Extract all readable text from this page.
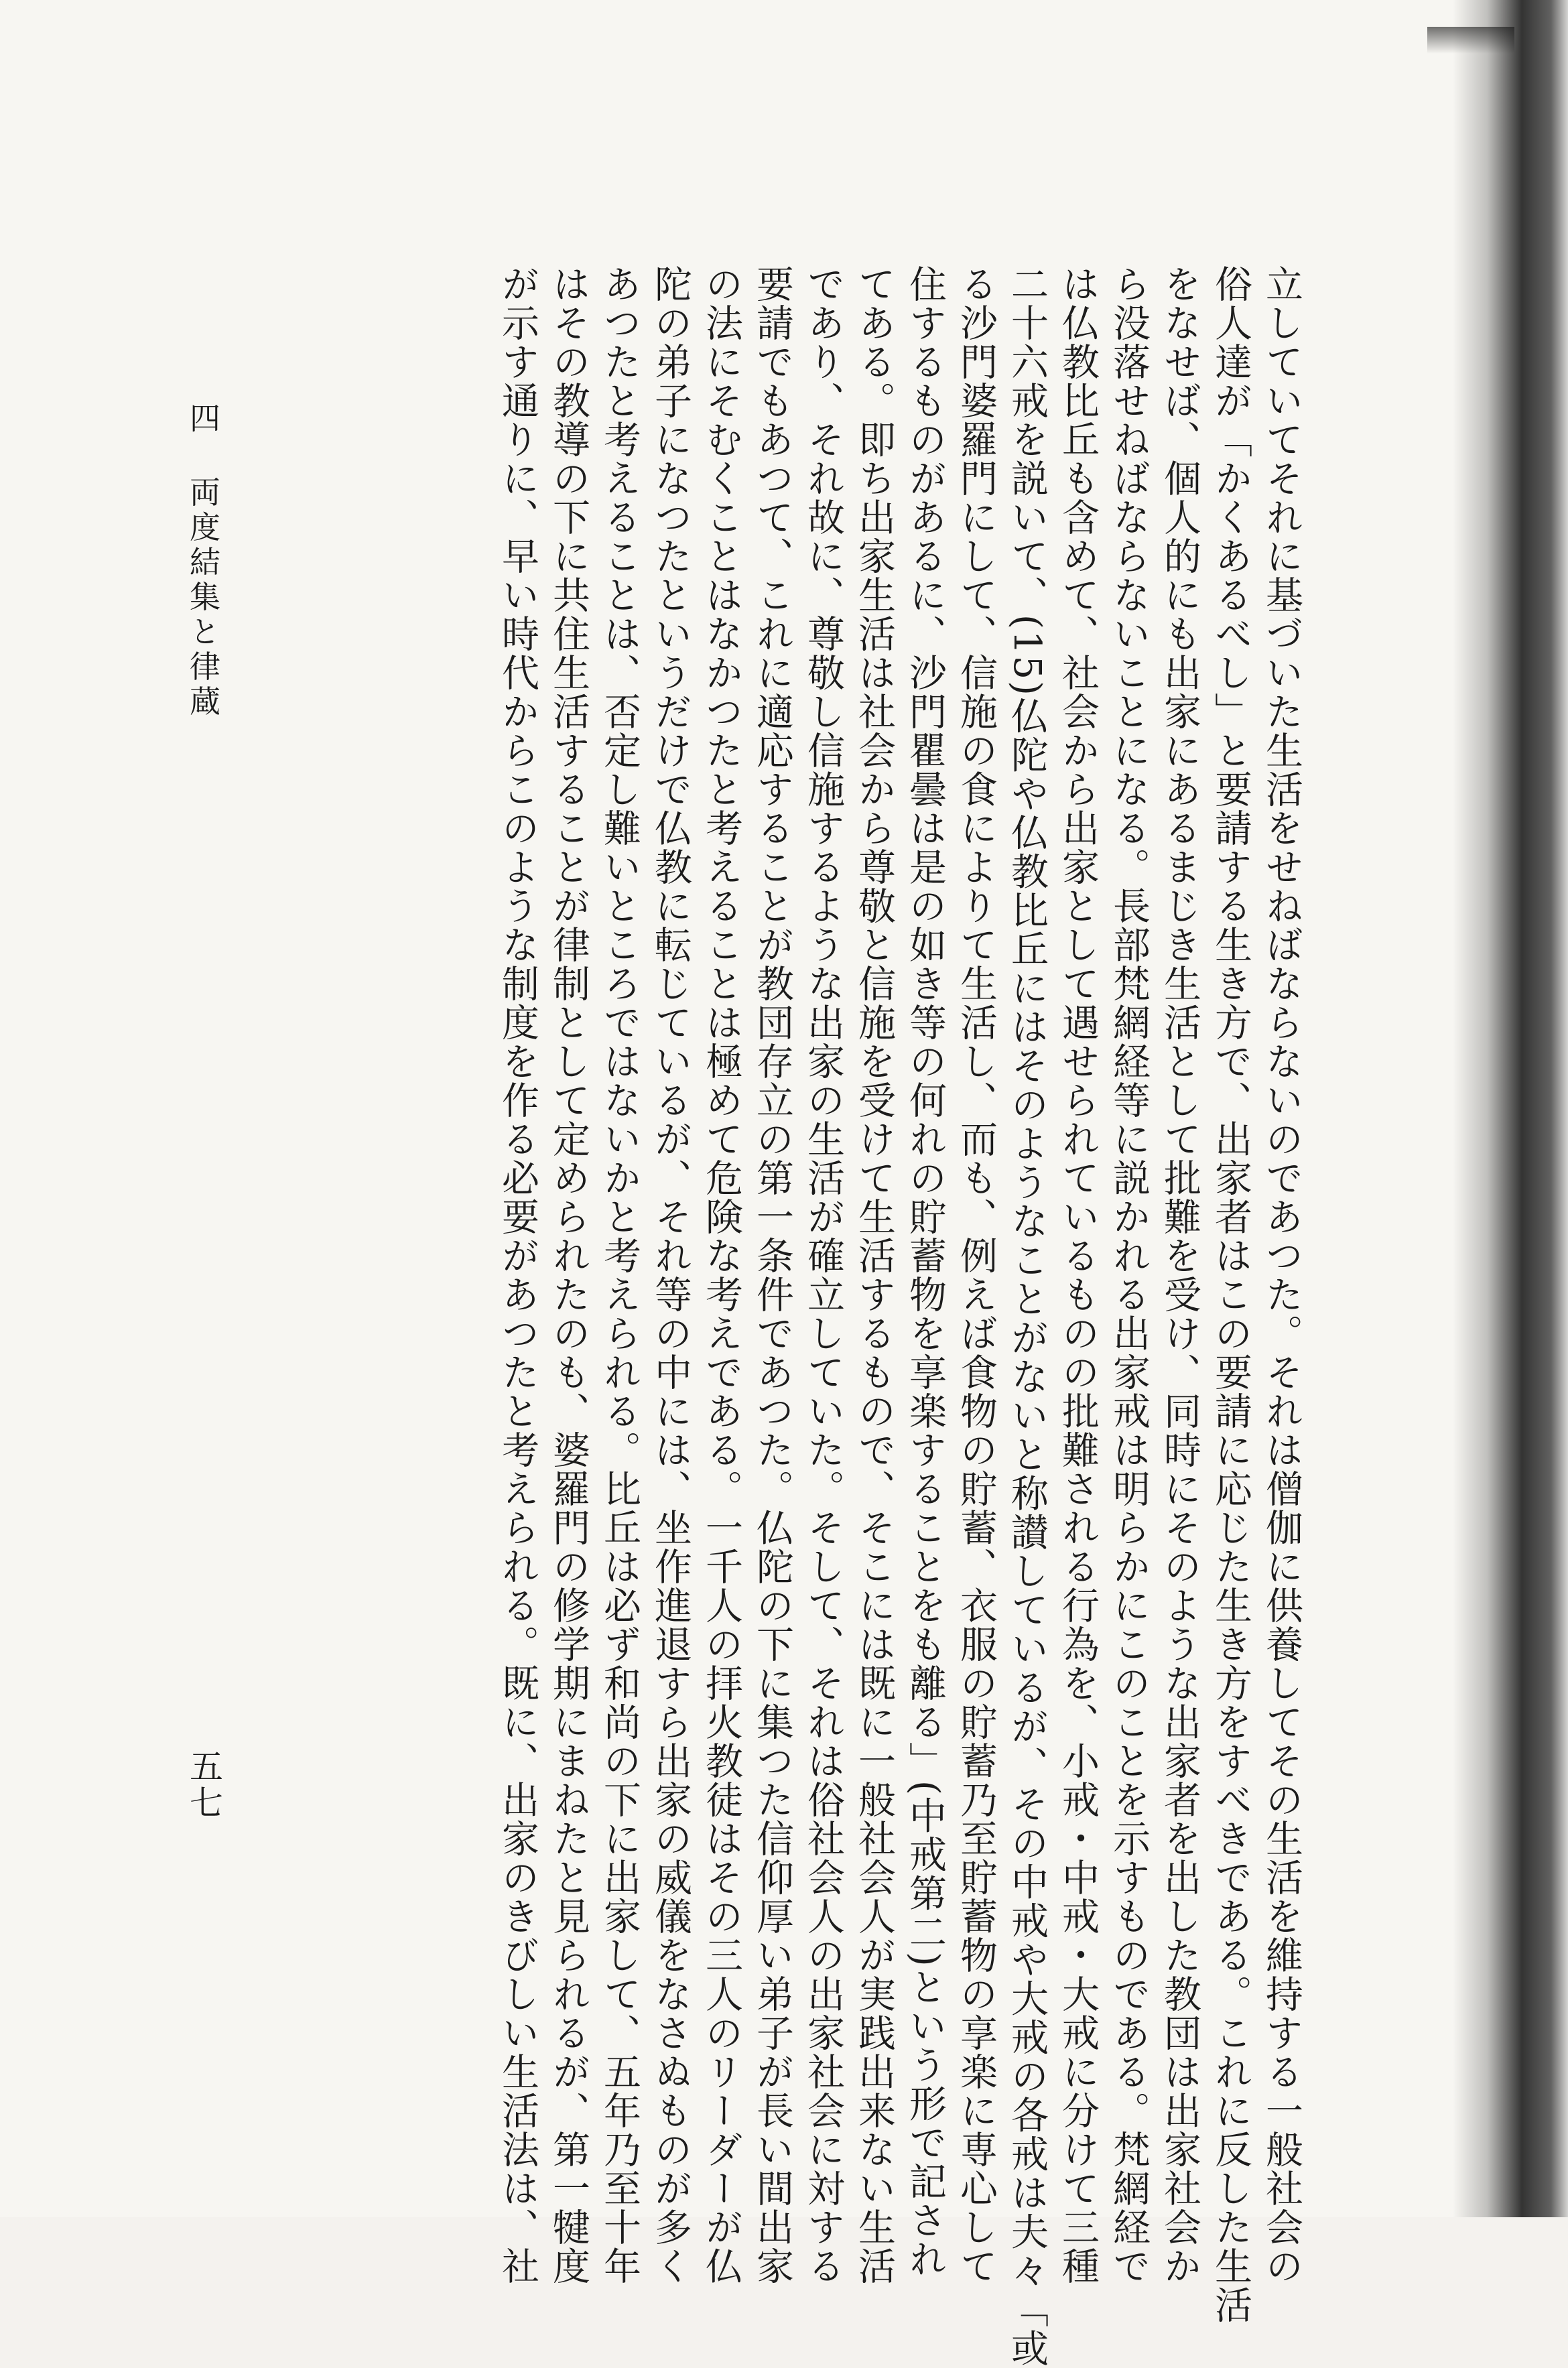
立していてそれに基づいた生活をせねばならないのであつた。それは僧伽に供養してその生活を維持する一般社会の
俗人達が「かくあるべし」と要請する生き方で、出家者はこの要請に応じた生き方をすべきである。これに反した生活
をなせば、個人的にも出家にあるまじき生活として批難を受け、同時にそのような出家者を出した教団は出家社会か
ら没落せねばならないことになる。長部梵網経等に説かれる出家戒は明らかにこのことを示すものである。梵網経で
は仏教比丘も含めて、社会から出家として遇せられているものの批難される行為を、小戒・中戒・大戒に分けて三種
二十六戒を説いて、(15)仏陀や仏教比丘にはそのようなことがないと称讃しているが、その中戒や大戒の各戒は夫々「或
る沙門婆羅門にして、信施の食によりて生活し、而も、例えば食物の貯蓄、衣服の貯蓄乃至貯蓄物の享楽に専心して
住するものがあるに、沙門瞿曇は是の如き等の何れの貯蓄物を享楽することをも離る」(中戒第二)という形で記され
てある。即ち出家生活は社会から尊敬と信施を受けて生活するもので、そこには既に一般社会人が実践出来ない生活
であり、それ故に、尊敬し信施するような出家の生活が確立していた。そして、それは俗社会人の出家社会に対する
要請でもあつて、これに適応することが教団存立の第一条件であつた。仏陀の下に集つた信仰厚い弟子が長い間出家
の法にそむくことはなかつたと考えることは極めて危険な考えである。一千人の拝火教徒はその三人のリーダーが仏
陀の弟子になつたというだけで仏教に転じているが、それ等の中には、坐作進退すら出家の威儀をなさぬものが多く
あつたと考えることは、否定し難いところではないかと考えられる。比丘は必ず和尚の下に出家して、五年乃至十年
はその教導の下に共住生活することが律制として定められたのも、婆羅門の修学期にまねたと見られるが、第一犍度
が示す通りに、早い時代からこのような制度を作る必要があつたと考えられる。既に、出家のきびしい生活法は、社
四 両度結集と律蔵
五七
